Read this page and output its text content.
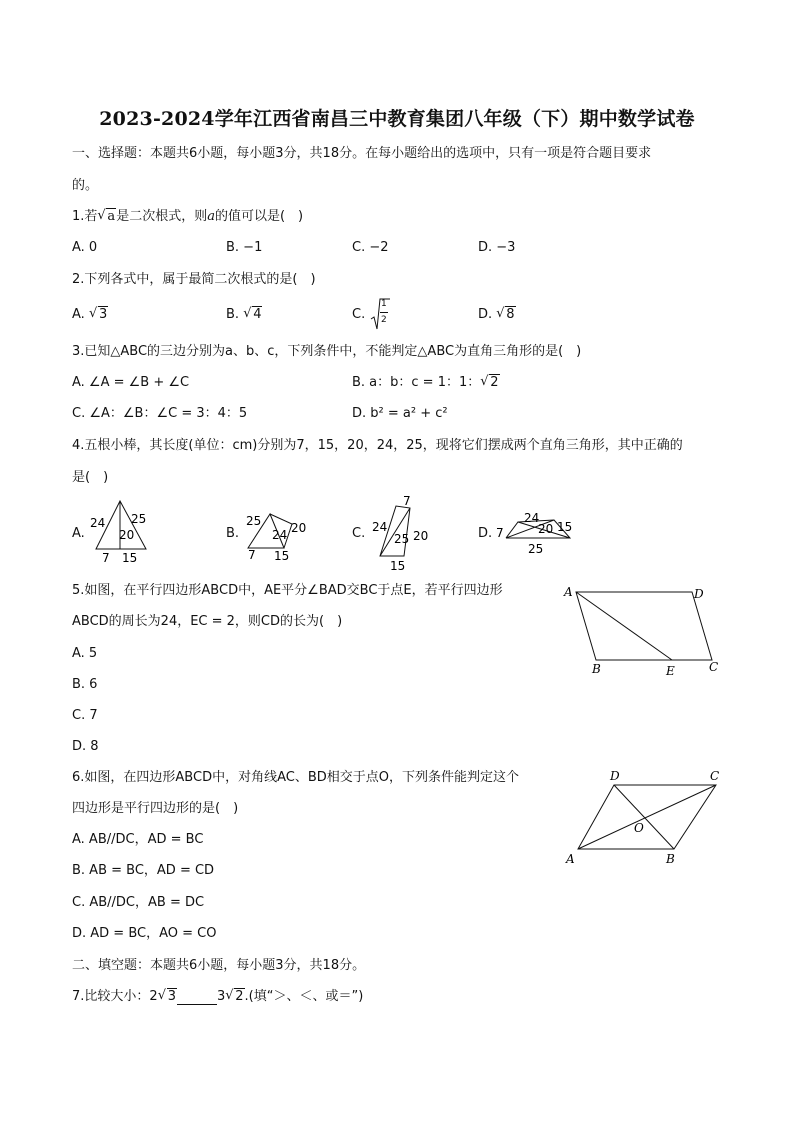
2023-2024学年江西省南昌三中教育集团八年级（下）期中数学试卷
一、选择题：本题共6小题，每小题3分，共18分。在每小题给出的选项中，只有一项是符合题目要求
的。
1.若 √ a是二次根式，则a的值可以是(　)
A. 0	B. −1	C. −2	D. −3
2.下列各式中，属于最简二次根式的是(　)
A. √ 3	B. √ 4	C.
1
2	D. √ 8
3.已知△ABC的三边分别为a、b、c，下列条件中，不能判定△ABC为直角三角形的是(　)
A. ∠A = ∠B + ∠C	B. a：b：c = 1：1： √ 2
C. ∠A：∠B：∠C = 3：4：5	D. b² = a² + c²
4.五根小棒，其长度(单位：cm)分别为7，15，20，24，25，现将它们摆成两个直角三角形，其中正确的
是(　)
A.
24 25
20
7 15
B.
25 20
24
7 15
C.
7
24
25 20
15
D. 7
24
20 15
25
5.如图，在平行四边形ABCD中，AE平分∠BAD交BC于点E，若平行四边形
ABCD的周长为24，EC = 2，则CD的长为(　)
A. 5
B. 6
C. 7
D. 8
A	D
B	E	C
6.如图，在四边形ABCD中，对角线AC、BD相交于点O，下列条件能判定这个
四边形是平行四边形的是(　)
A. AB//DC，AD = BC
B. AB = BC，AD = CD
C. AB//DC，AB = DC
D. AD = BC，AO = CO
D	C
O
A	B
二、填空题：本题共6小题，每小题3分，共18分。
7.比较大小：2 √ 3	3 √ 2.(填“＞、＜、或＝”)
